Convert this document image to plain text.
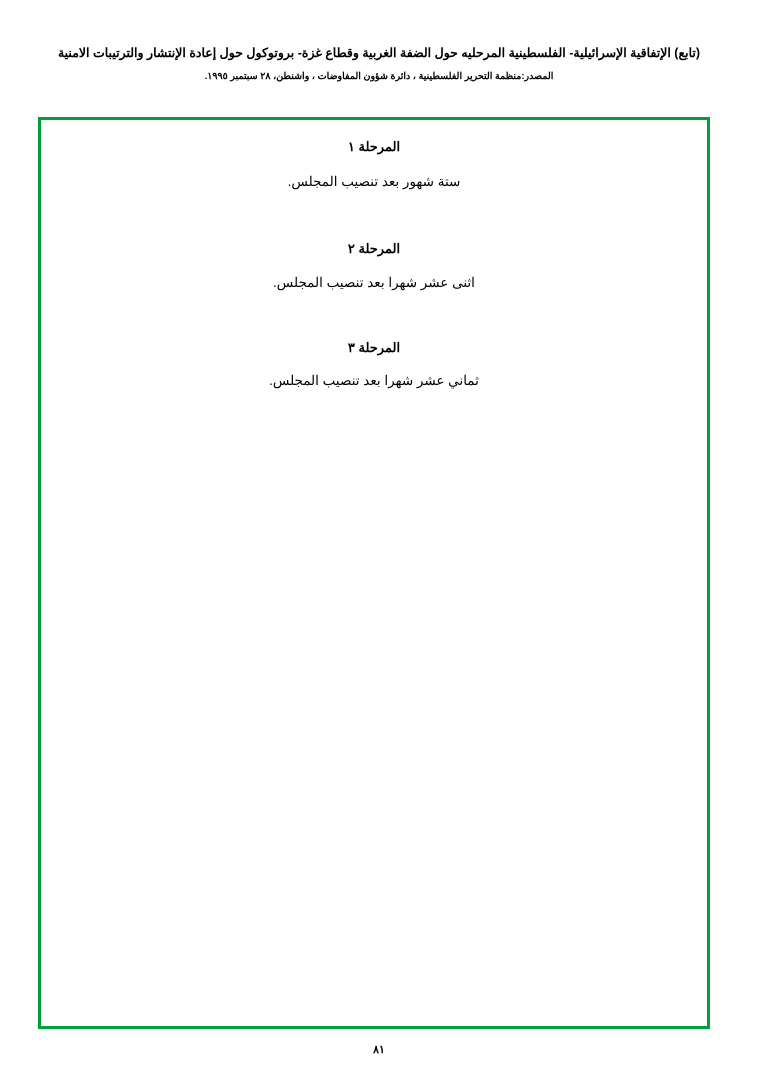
(تابع) الإتفاقية الإسرائيلية- الفلسطينية المرحليه حول الضفة الغربية وقطاع غزة- بروتوكول حول إعادة الإنتشار والترتيبات الامنية
المصدر:منظمة التحرير الفلسطينية ، دائرة شؤون المفاوضات ، واشنطن، ٢٨ سبتمبر ١٩٩٥.
المرحلة ١

ستة شهور بعد تنصيب المجلس.

المرحلة ٢

اثنى عشر شهرا بعد تنصيب المجلس.

المرحلة ٣

ثماني عشر شهرا بعد تنصيب المجلس.

٨١
